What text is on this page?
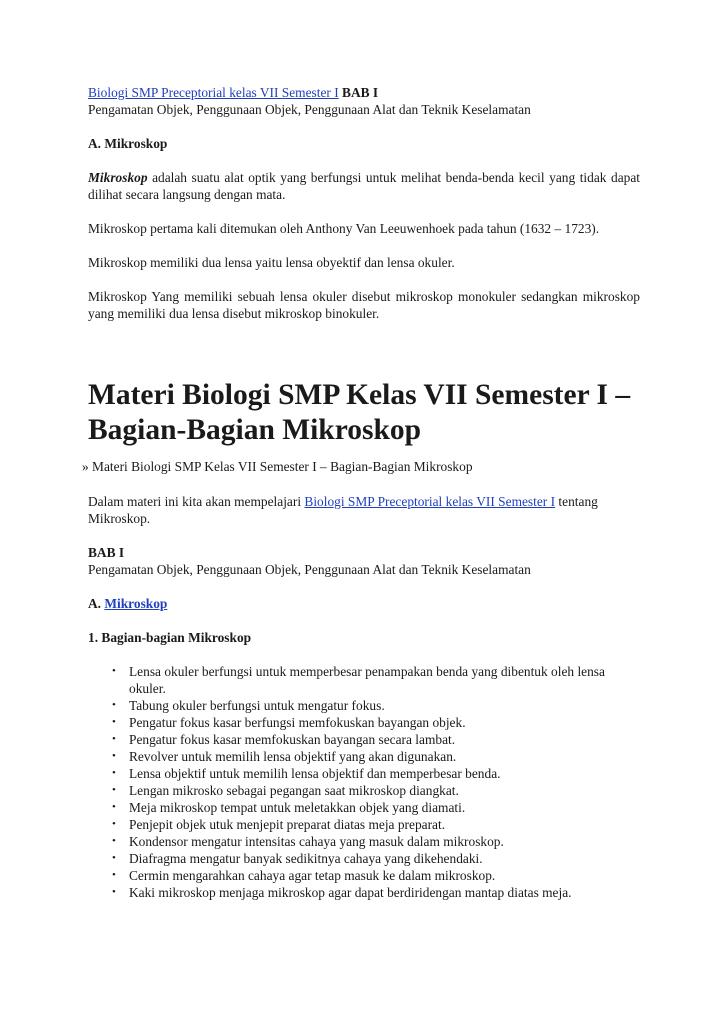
Biologi SMP Preceptorial kelas VII Semester I BAB I
Pengamatan Objek, Penggunaan Objek, Penggunaan Alat dan Teknik Keselamatan

A. Mikroskop

Mikroskop adalah suatu alat optik yang berfungsi untuk melihat benda-benda kecil yang tidak dapat dilihat secara langsung dengan mata.

Mikroskop pertama kali ditemukan oleh Anthony Van Leeuwenhoek pada tahun (1632 – 1723).

Mikroskop memiliki dua lensa yaitu lensa obyektif dan lensa okuler.

Mikroskop Yang memiliki sebuah lensa okuler disebut mikroskop monokuler sedangkan mikroskop yang memiliki dua lensa disebut mikroskop binokuler.

Materi Biologi SMP Kelas VII Semester I – Bagian-Bagian Mikroskop
» Materi Biologi SMP Kelas VII Semester I – Bagian-Bagian Mikroskop

Dalam materi ini kita akan mempelajari Biologi SMP Preceptorial kelas VII Semester I tentang Mikroskop.

BAB I

Pengamatan Objek, Penggunaan Objek, Penggunaan Alat dan Teknik Keselamatan

A. Mikroskop

1. Bagian-bagian Mikroskop

• Lensa okuler berfungsi untuk memperbesar penampakan benda yang dibentuk oleh lensa okuler.
• Tabung okuler berfungsi untuk mengatur fokus.
• Pengatur fokus kasar berfungsi memfokuskan bayangan objek.
• Pengatur fokus kasar memfokuskan bayangan secara lambat.
• Revolver untuk memilih lensa objektif yang akan digunakan.
• Lensa objektif untuk memilih lensa objektif dan memperbesar benda.
• Lengan mikrosko sebagai pegangan saat mikroskop diangkat.
• Meja mikroskop tempat untuk meletakkan objek yang diamati.
• Penjepit objek utuk menjepit preparat diatas meja preparat.
• Kondensor mengatur intensitas cahaya yang masuk dalam mikroskop.
• Diafragma mengatur banyak sedikitnya cahaya yang dikehendaki.
• Cermin mengarahkan cahaya agar tetap masuk ke dalam mikroskop.
• Kaki mikroskop menjaga mikroskop agar dapat berdiridengan mantap diatas meja.
